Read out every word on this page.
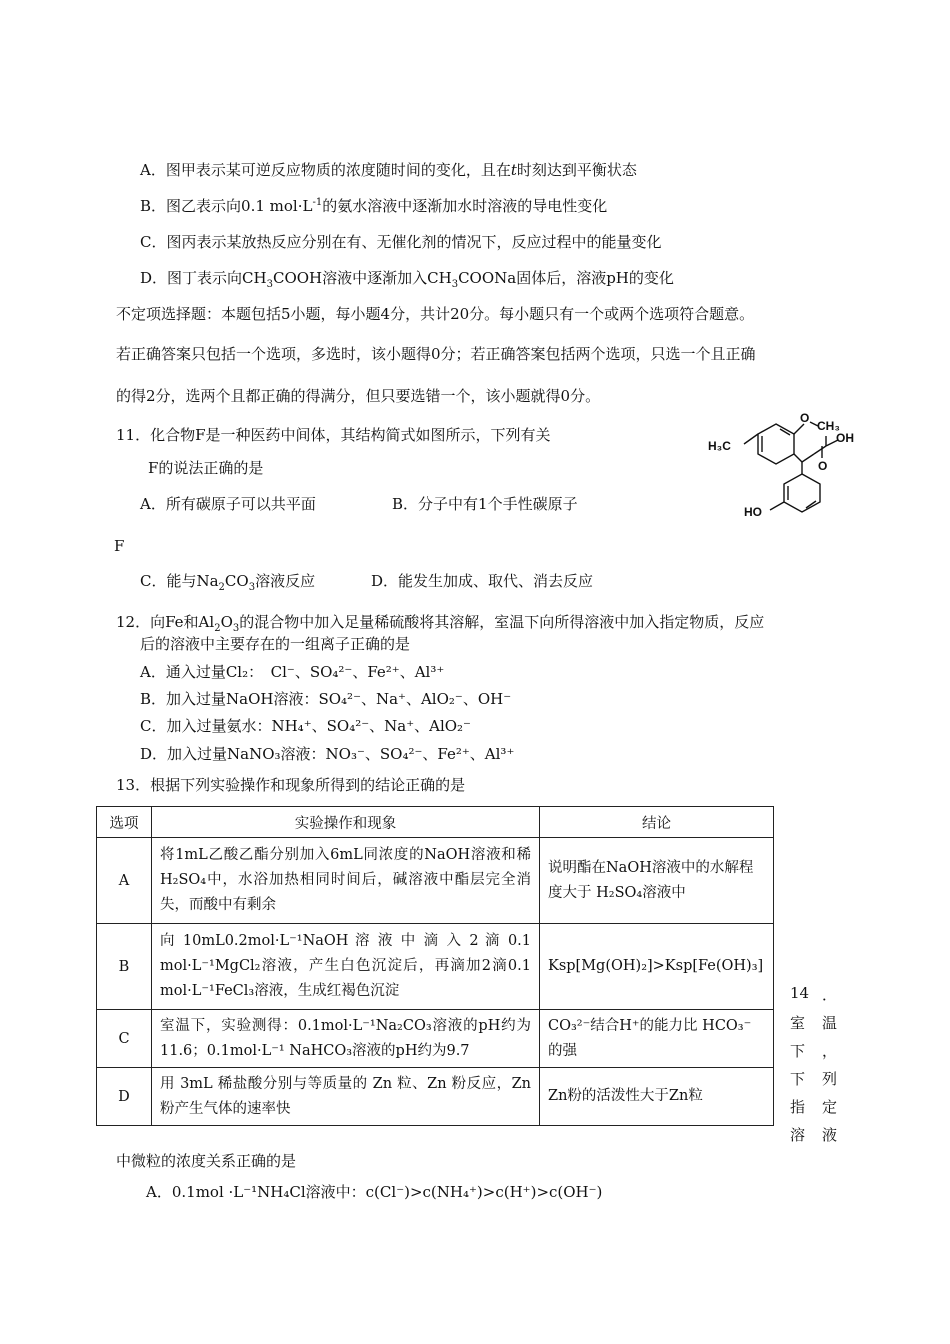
A．图甲表示某可逆反应物质的浓度随时间的变化，且在t时刻达到平衡状态
B．图乙表示向0.1 $mol\cdot L^{-1}$的氨水溶液中逐渐加水时溶液的导电性变化
C．图丙表示某放热反应分别在有、无催化剂的情况下，反应过程中的能量变化
D．图丁表示向$CH_3COOH$溶液中逐渐加入$CH_3COONa$固体后，溶液pH的变化
不定项选择题：本题包括5小题，每小题4分，共计20分。每小题只有一个或两个选项符合题意。
若正确答案只包括一个选项，多选时，该小题得0分；若正确答案包括两个选项，只选一个且正确
的得2分，选两个且都正确的得满分，但只要选错一个，该小题就得0分。
11．化合物F是一种医药中间体，其结构简式如图所示，下列有关
F的说法正确的是
A．所有碳原子可以共平面	B．分子中有1个手性碳原子
F
C．能与$Na_2CO_3$溶液反应	D．能发生加成、取代、消去反应
O
CH₃
OH
O
H₃C
HO
12．向Fe和$Al_2O_3$的混合物中加入足量稀硫酸将其溶解，室温下向所得溶液中加入指定物质，反应
后的溶液中主要存在的一组离子正确的是
A．通入过量Cl₂：　Cl⁻、SO₄²⁻、Fe²⁺、Al³⁺
B．加入过量NaOH溶液：SO₄²⁻、Na⁺、AlO₂⁻、OH⁻
C．加入过量氨水：NH₄⁺、SO₄²⁻、Na⁺、AlO₂⁻
D．加入过量NaNO₃溶液：NO₃⁻、SO₄²⁻、Fe²⁺、Al³⁺
13．根据下列实验操作和现象所得到的结论正确的是
选项	实验操作和现象	结论
A	将1mL乙酸乙酯分别加入6mL同浓度的NaOH溶液和稀H₂SO₄中，水浴加热相同时间后，碱溶液中酯层完全消失，而酸中有剩余	说明酯在NaOH溶液中的水解程度大于 H₂SO₄溶液中
B	向 10mL0.2mol·L⁻¹NaOH 溶 液 中 滴 入 2 滴 0.1 mol·L⁻¹MgCl₂溶液，产生白色沉淀后，再滴加2滴0.1 mol·L⁻¹FeCl₃溶液，生成红褐色沉淀	Ksp[Mg(OH)₂]>Ksp[Fe(OH)₃]
C	室温下，实验测得：0.1mol·L⁻¹Na₂CO₃溶液的pH约为11.6；0.1mol·L⁻¹ NaHCO₃溶液的pH约为9.7	CO₃²⁻结合H⁺的能力比 HCO₃⁻的强
D	用 3mL 稀盐酸分别与等质量的 Zn 粒、Zn 粉反应，Zn粉产生气体的速率快	Zn粉的活泼性大于Zn粒
14 ．
室 温
下 ，
下 列
指 定
溶 液
中微粒的浓度关系正确的是
A．0.1mol ·L⁻¹NH₄Cl溶液中：c(Cl⁻)>c(NH₄⁺)>c(H⁺)>c(OH⁻)
